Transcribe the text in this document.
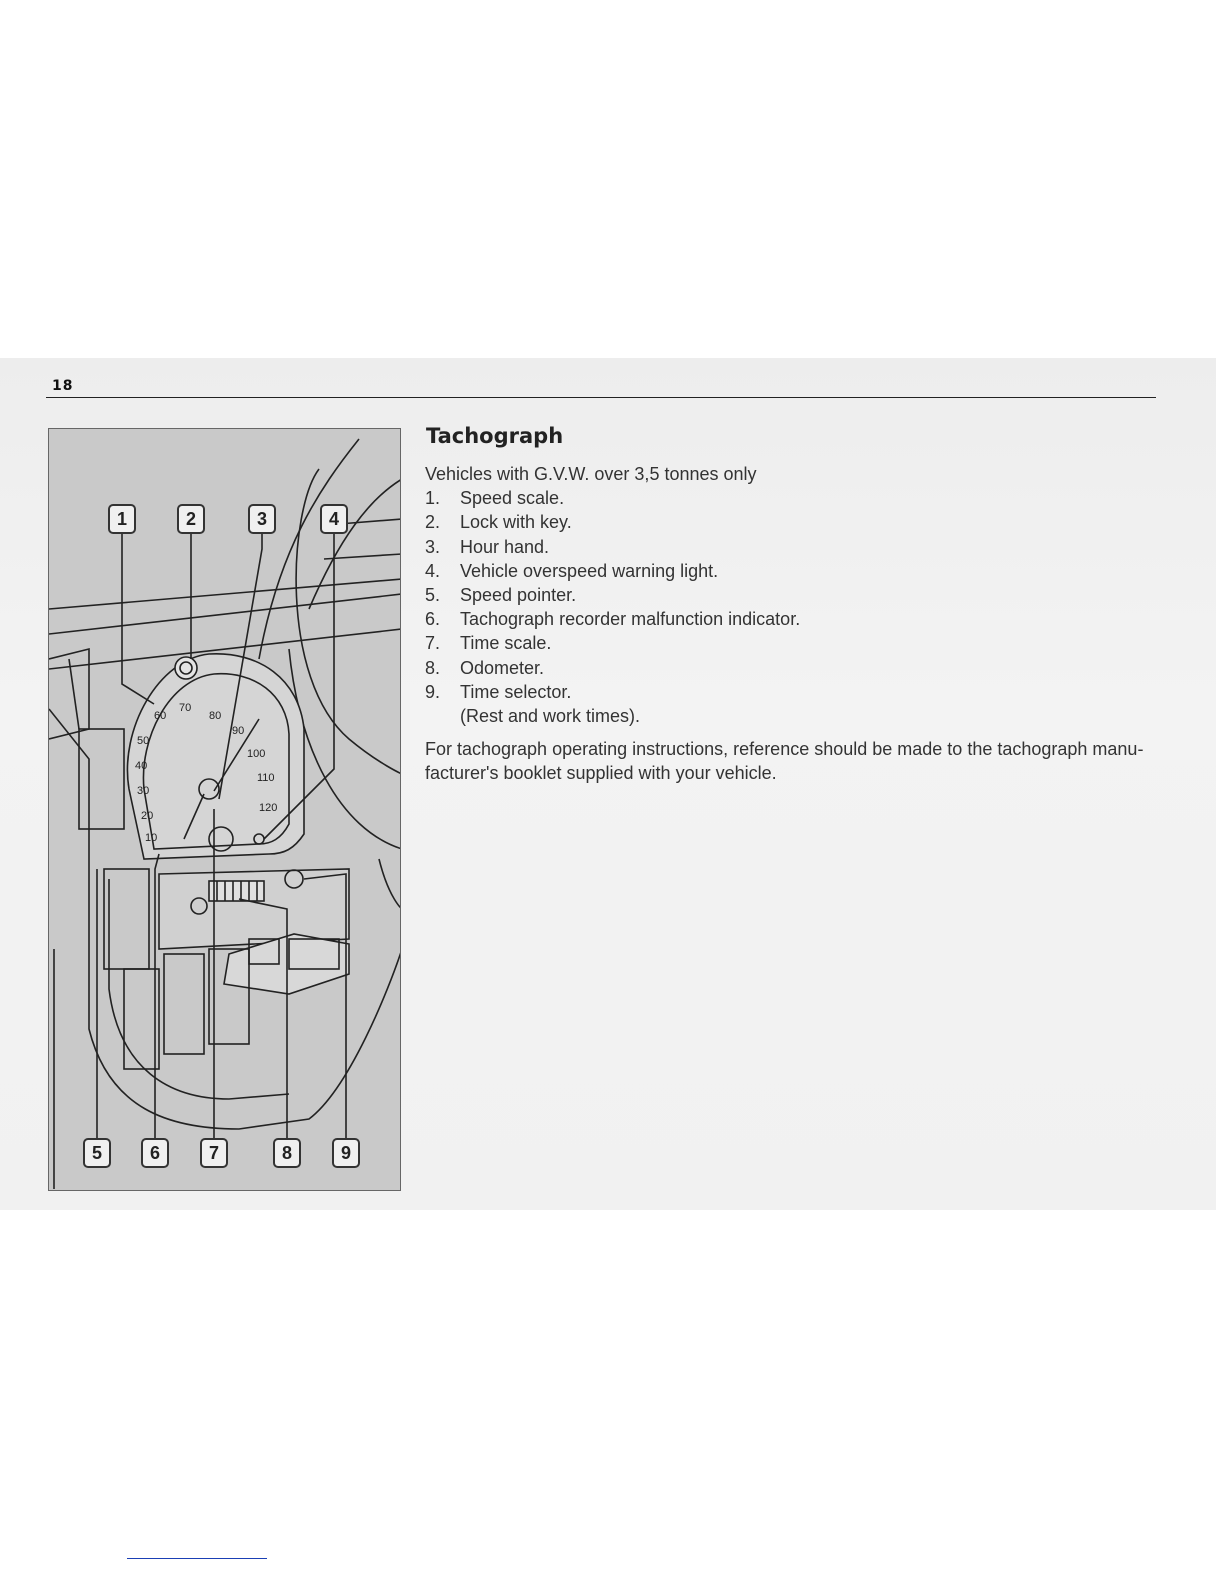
18
60
70
80
90
100
110
120
50
40
30
20
10
1	2	3	4
5	6	7	8	9
Tachograph

Vehicles with G.V.W. over 3,5 tonnes only

1.	Speed scale.
2.	Lock with key.
3.	Hour hand.
4.	Vehicle overspeed warning light.
5.	Speed pointer.
6.	Tachograph recorder malfunction indicator.
7.	Time scale.
8.	Odometer.
9.	Time selector.

(Rest and work times).

For tachograph operating instructions, reference should be made to the tachograph manu-facturer's booklet supplied with your vehicle.
